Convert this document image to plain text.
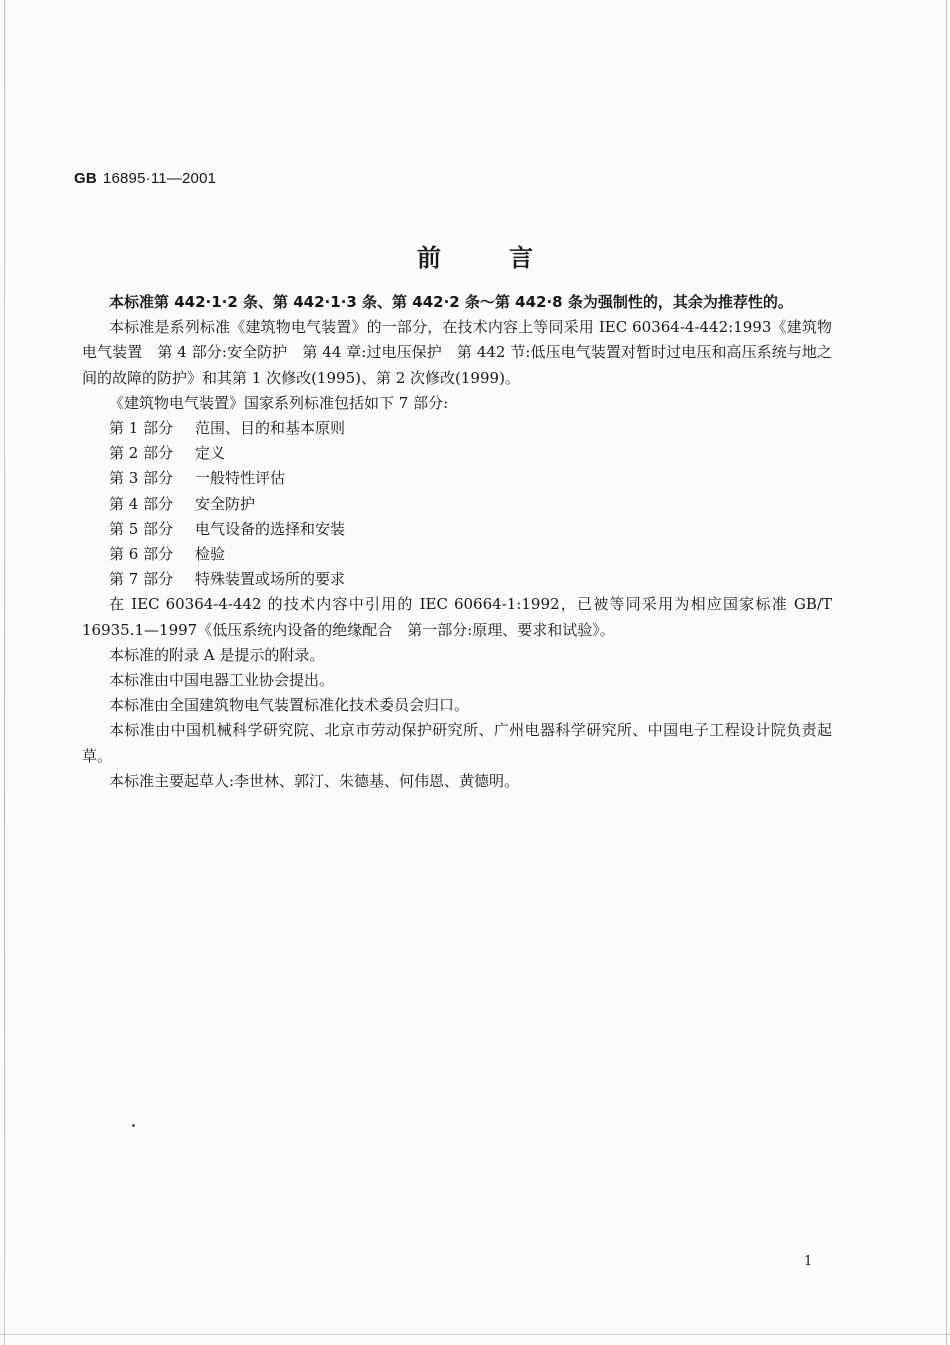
GB 16895·11—2001
前言

本标准第 442·1·2 条、第 442·1·3 条、第 442·2 条～第 442·8 条为强制性的，其余为推荐性的。

本标准是系列标准《建筑物电气装置》的一部分，在技术内容上等同采用 IEC 60364-4-442:1993《建筑物电气装置　第 4 部分:安全防护　第 44 章:过电压保护　第 442 节:低压电气装置对暂时过电压和高压系统与地之间的故障的防护》和其第 1 次修改(1995)、第 2 次修改(1999)。

《建筑物电气装置》国家系列标准包括如下 7 部分:

第 1 部分 范围、目的和基本原则
第 2 部分 定义
第 3 部分 一般特性评估
第 4 部分 安全防护
第 5 部分 电气设备的选择和安装
第 6 部分 检验
第 7 部分 特殊装置或场所的要求

在 IEC 60364-4-442 的技术内容中引用的 IEC 60664-1:1992，已被等同采用为相应国家标准 GB/T 16935.1—1997《低压系统内设备的绝缘配合　第一部分:原理、要求和试验》。

本标准的附录 A 是提示的附录。

本标准由中国电器工业协会提出。

本标准由全国建筑物电气装置标准化技术委员会归口。

本标准由中国机械科学研究院、北京市劳动保护研究所、广州电器科学研究所、中国电子工程设计院负责起草。

本标准主要起草人:李世林、郭汀、朱德基、何伟恩、黄德明。

1
